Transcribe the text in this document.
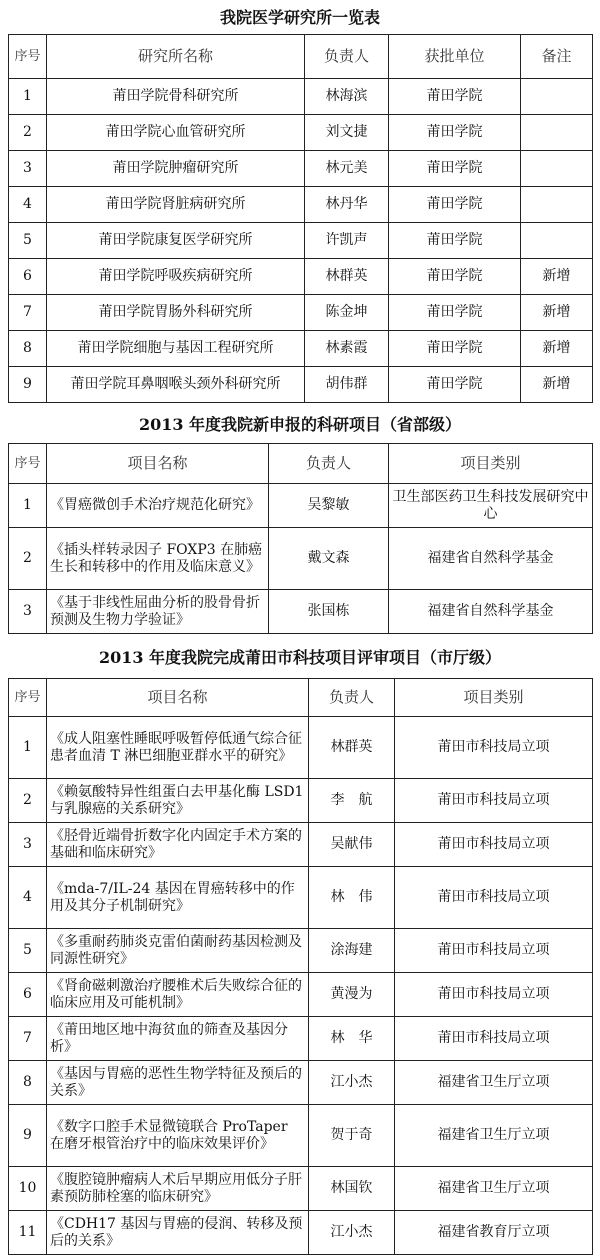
我院医学研究所一览表
序号	研究所名称	负责人	获批单位	备注
1	莆田学院骨科研究所	林海滨	莆田学院	
2	莆田学院心血管研究所	刘文捷	莆田学院	
3	莆田学院肿瘤研究所	林元美	莆田学院	
4	莆田学院肾脏病研究所	林丹华	莆田学院	
5	莆田学院康复医学研究所	许凯声	莆田学院	
6	莆田学院呼吸疾病研究所	林群英	莆田学院	新增
7	莆田学院胃肠外科研究所	陈金坤	莆田学院	新增
8	莆田学院细胞与基因工程研究所	林素霞	莆田学院	新增
9	莆田学院耳鼻咽喉头颈外科研究所	胡伟群	莆田学院	新增
2013 年度我院新申报的科研项目（省部级）
序号	项目名称	负责人	项目类别
1	《胃癌微创手术治疗规范化研究》	吴黎敏	卫生部医药卫生科技发展研究中心
2	《插头样转录因子 FOXP3 在肺癌生长和转移中的作用及临床意义》	戴文森	福建省自然科学基金
3	《基于非线性屈曲分析的股骨骨折预测及生物力学验证》	张国栋	福建省自然科学基金
2013 年度我院完成莆田市科技项目评审项目（市厅级）
序号	项目名称	负责人	项目类别
1	《成人阻塞性睡眠呼吸暂停低通气综合征患者血清 T 淋巴细胞亚群水平的研究》	林群英	莆田市科技局立项
2	《赖氨酸特异性组蛋白去甲基化酶 LSD1 与乳腺癌的关系研究》	李　航	莆田市科技局立项
3	《胫骨近端骨折数字化内固定手术方案的基础和临床研究》	吴献伟	莆田市科技局立项
4	《mda-7/IL-24 基因在胃癌转移中的作用及其分子机制研究》	林　伟	莆田市科技局立项
5	《多重耐药肺炎克雷伯菌耐药基因检测及同源性研究》	涂海建	莆田市科技局立项
6	《肾俞磁刺激治疗腰椎术后失败综合征的临床应用及可能机制》	黄漫为	莆田市科技局立项
7	《莆田地区地中海贫血的筛查及基因分析》	林　华	莆田市科技局立项
8	《基因与胃癌的恶性生物学特征及预后的关系》	江小杰	福建省卫生厅立项
9	《数字口腔手术显微镜联合 ProTaper 在磨牙根管治疗中的临床效果评价》	贺于奇	福建省卫生厅立项
10	《腹腔镜肿瘤病人术后早期应用低分子肝素预防肺栓塞的临床研究》	林国钦	福建省卫生厅立项
11	《CDH17 基因与胃癌的侵润、转移及预后的关系》	江小杰	福建省教育厅立项
